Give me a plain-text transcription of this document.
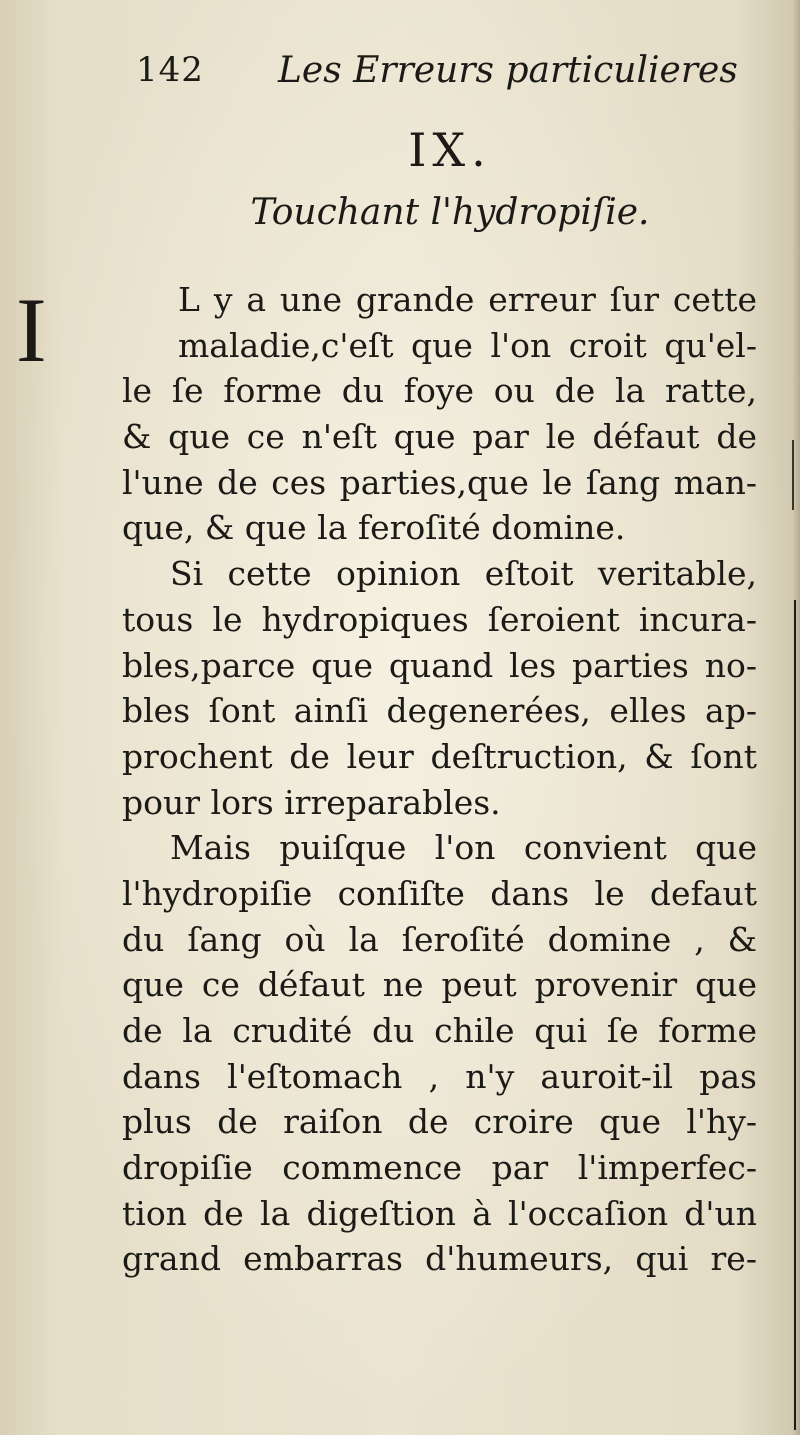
142 Les Erreurs particulieres
IX.
Touchant l'hydropiſie.
I	L y a une grande erreur ſur cette
maladie,c'eſt que l'on croit qu'el-
le ſe forme du foye ou de la ratte,
& que ce n'eſt que par le défaut de
l'une de ces parties,que le ſang man-
que, & que la feroſité domine.
Si cette opinion eſtoit veritable,
tous le hydropiques ſeroient incura-
bles,parce que quand les parties no-
bles ſont ainſi degenerées, elles ap-
prochent de leur deſtruction, & ſont
pour lors irreparables.
Mais puiſque l'on convient que
l'hydropiſie conſiſte dans le defaut
du ſang où la ſeroſité domine , &
que ce défaut ne peut provenir que
de la crudité du chile qui ſe forme
dans l'eſtomach , n'y auroit-il pas
plus de raiſon de croire que l'hy-
dropiſie commence par l'imperfec-
tion de la digeſtion à l'occaſion d'un
grand embarras d'humeurs, qui re-
